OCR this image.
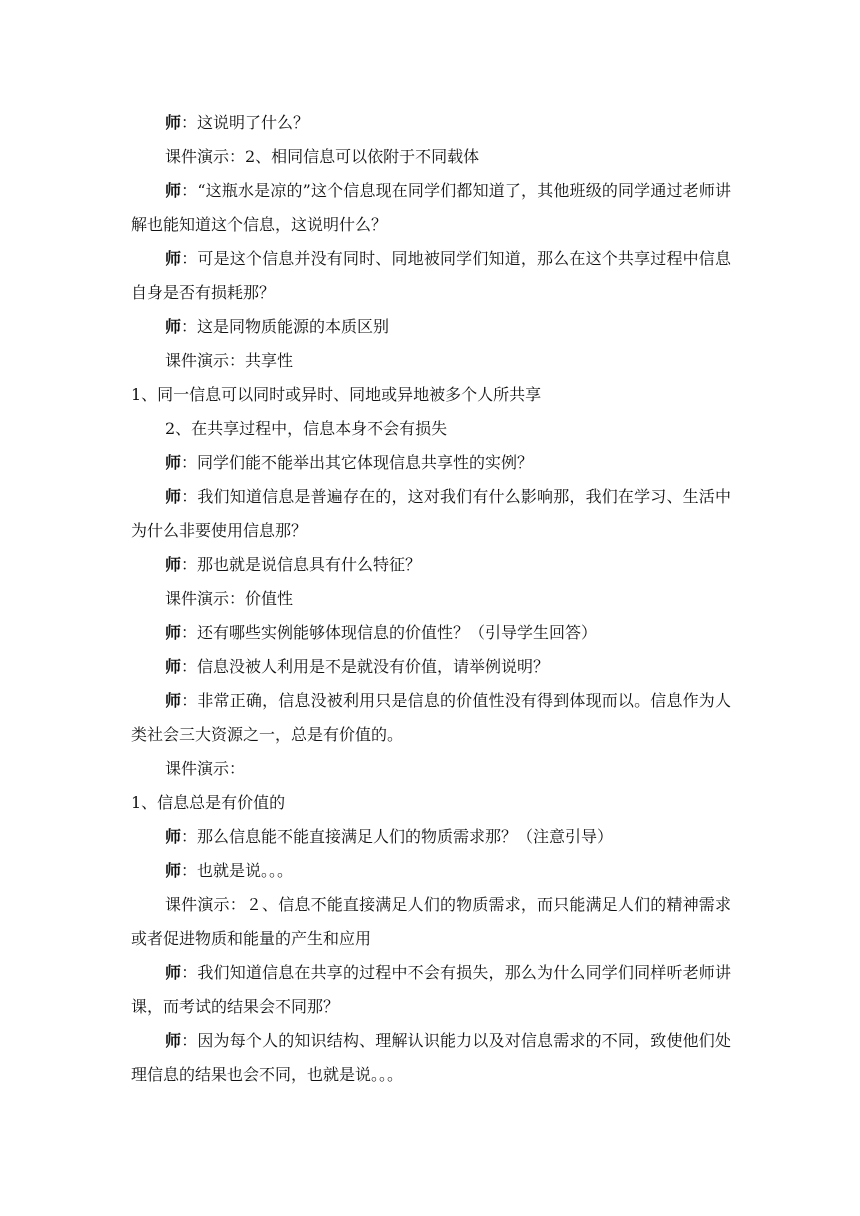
师：这说明了什么？

课件演示：2、相同信息可以依附于不同载体

师：“这瓶水是凉的”这个信息现在同学们都知道了，其他班级的同学通过老师讲解也能知道这个信息，这说明什么？

师：可是这个信息并没有同时、同地被同学们知道，那么在这个共享过程中信息自身是否有损耗那？

师：这是同物质能源的本质区别

课件演示：共享性

1、同一信息可以同时或异时、同地或异地被多个人所共享

2、在共享过程中，信息本身不会有损失

师：同学们能不能举出其它体现信息共享性的实例？

师：我们知道信息是普遍存在的，这对我们有什么影响那，我们在学习、生活中为什么非要使用信息那？

师：那也就是说信息具有什么特征？

课件演示：价值性

师：还有哪些实例能够体现信息的价值性？（引导学生回答）

师：信息没被人利用是不是就没有价值，请举例说明？

师：非常正确，信息没被利用只是信息的价值性没有得到体现而以。信息作为人类社会三大资源之一，总是有价值的。

课件演示：

1、信息总是有价值的

师：那么信息能不能直接满足人们的物质需求那？（注意引导）

师：也就是说。。。

课件演示：２、信息不能直接满足人们的物质需求，而只能满足人们的精神需求或者促进物质和能量的产生和应用

师：我们知道信息在共享的过程中不会有损失，那么为什么同学们同样听老师讲课，而考试的结果会不同那？

师：因为每个人的知识结构、理解认识能力以及对信息需求的不同，致使他们处理信息的结果也会不同，也就是说。。。
